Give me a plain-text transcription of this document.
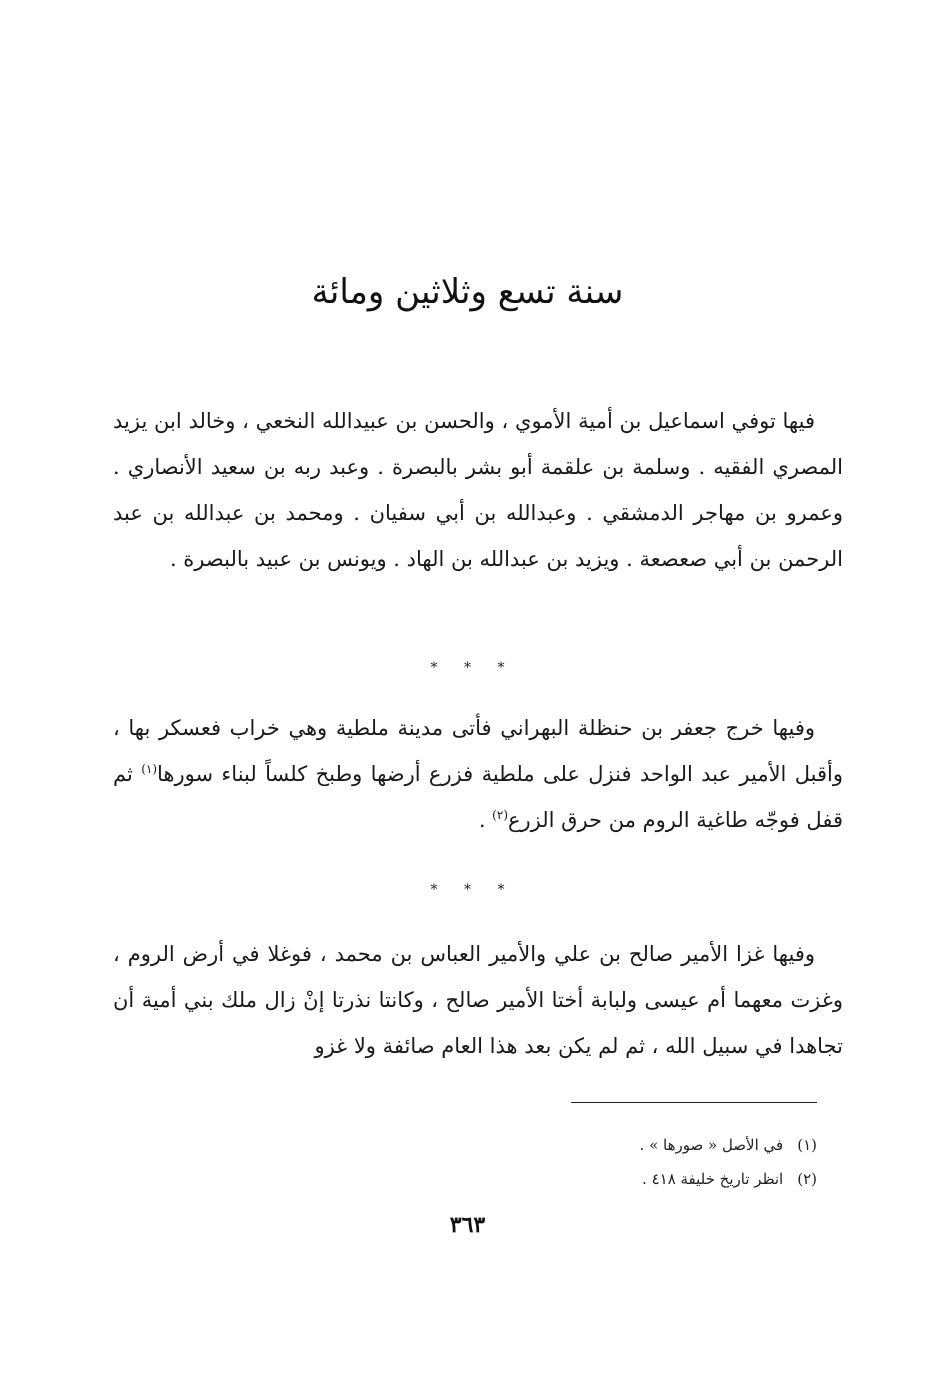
سنة تسع وثلاثين ومائة

فيها توفي اسماعيل بن أمية الأموي ، والحسن بن عبيدالله النخعي ، وخالد ابن يزيد المصري الفقيه . وسلمة بن علقمة أبو بشر بالبصرة . وعبد ربه بن سعيد الأنصاري . وعمرو بن مهاجر الدمشقي . وعبدالله بن أبي سفيان . ومحمد بن عبدالله بن عبد الرحمن بن أبي صعصعة . ويزيد بن عبدالله بن الهاد . ويونس بن عبيد بالبصرة .

* * *

وفيها خرج جعفر بن حنظلة البهراني فأتى مدينة ملطية وهي خراب فعسكر بها ، وأقبل الأمير عبد الواحد فنزل على ملطية فزرع أرضها وطبخ كلساً لبناء سورها$^{(١)}$ ثم قفل فوجّه طاغية الروم من حرق الزرع$^{(٢)}$ .

* * *

وفيها غزا الأمير صالح بن علي والأمير العباس بن محمد ، فوغلا في أرض الروم ، وغزت معهما أم عيسى ولبابة أختا الأمير صالح ، وكانتا نذرتا إنْ زال ملك بني أمية أن تجاهدا في سبيل الله ، ثم لم يكن بعد هذا العام صائفة ولا غزو

(١)في الأصل « صورها » .

(٢)انظر تاريخ خليفة ٤١٨ .

٣٦٣
